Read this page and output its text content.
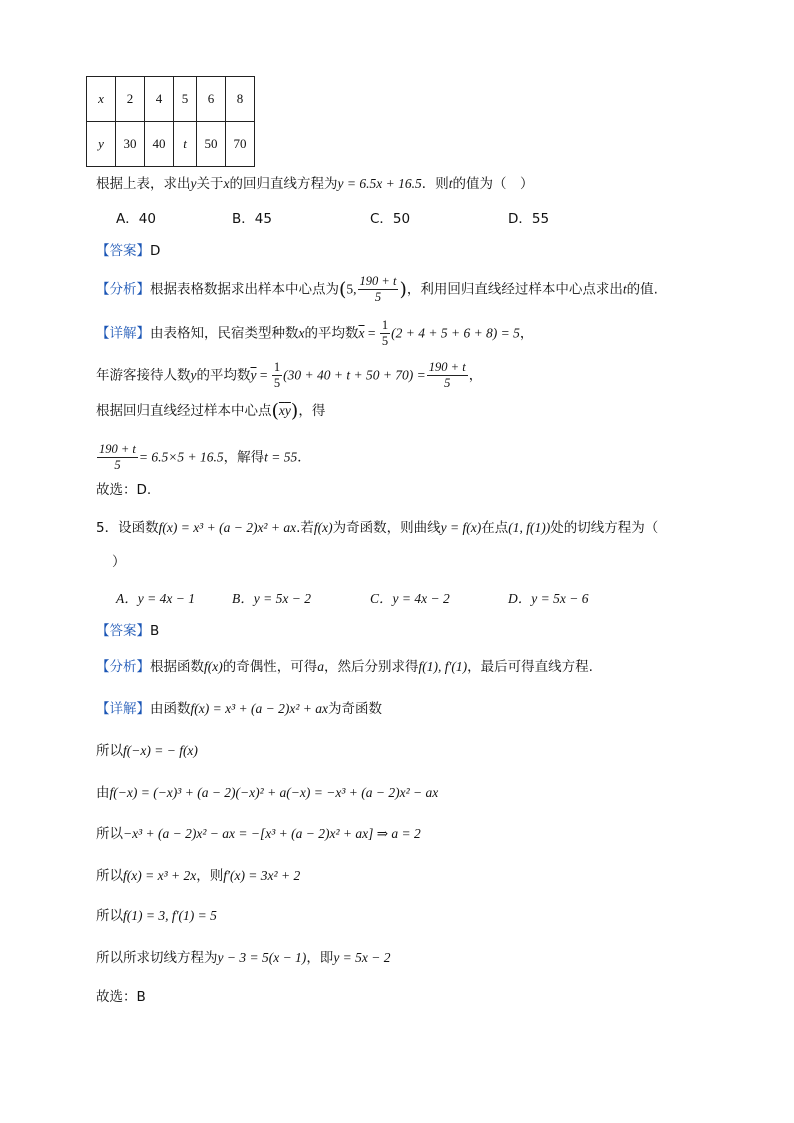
x	2	4	5	6	8
y	30	40	t	50	70
根据上表，求出y关于x的回归直线方程为y = 6.5x + 16.5．则t的值为（　）
A．40	B．45	C．50	D．55
【答案】D
【分析】根据表格数据求出样本中心点为(5, $\frac{190 + t}{5}$ )，利用回归直线经过样本中心点求出t的值.
【详解】由表格知，民宿类型种数x的平均数$\overline{x} = \frac{1}{5} (2 + 4 + 5 + 6 + 8) = 5$，
年游客接待人数y的平均数$\overline{y} = \frac{1}{5} (30 + 40 + t + 50 + 70) = \frac{190 + t}{5}$ ，
根据回归直线经过样本中心点$(\overline{x}\overline{y})$，得
$\frac{190 + t}{5} = 6.5\times 5 + 16.5$，解得t = 55．
故选：D.
5．设函数f(x) = x³ + (a − 2)x² + ax.若f(x)为奇函数，则曲线y = f(x)在点(1, f(1))处的切线方程为（
）
A．y = 4x − 1	B．y = 5x − 2	C．y = 4x − 2	D．y = 5x − 6
【答案】B
【分析】根据函数f(x)的奇偶性，可得a，然后分别求得f(1), f′(1)，最后可得直线方程.
【详解】由函数f(x) = x³ + (a − 2)x² + ax为奇函数
所以f(−x) = − f(x)
由f(−x) = (−x)³ + (a − 2)(−x)² + a(−x) = −x³ + (a − 2)x² − ax
所以−x³ + (a − 2)x² − ax = −[x³ + (a − 2)x² + ax] ⇒ a = 2
所以f(x) = x³ + 2x，则f′(x) = 3x² + 2
所以f(1) = 3, f′(1) = 5
所以所求切线方程为y − 3 = 5(x − 1)，即y = 5x − 2
故选：B
